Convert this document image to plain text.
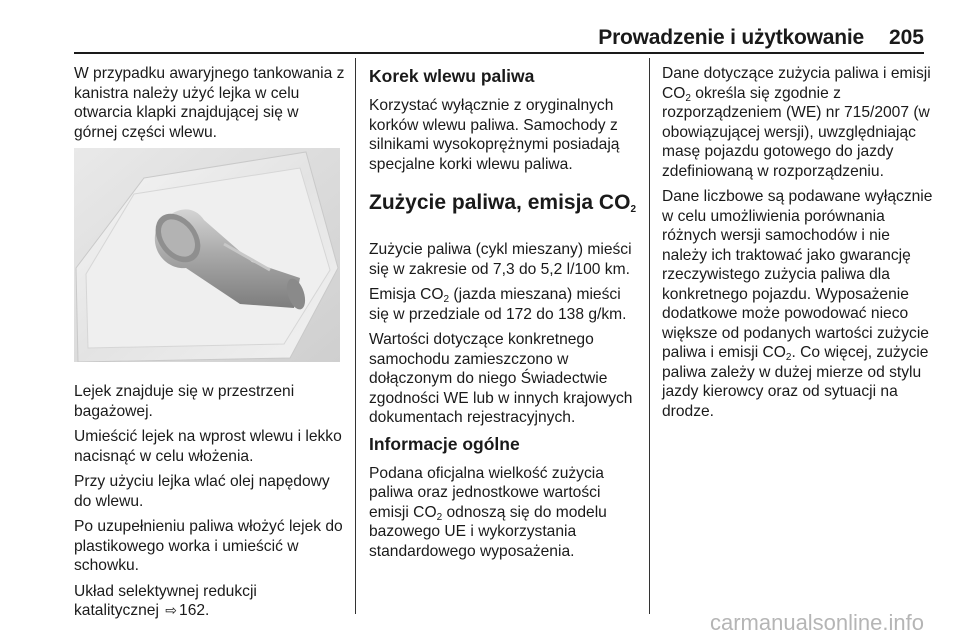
Prowadzenie i użytkowanie 205

W przypadku awaryjnego tankowania z kanistra należy użyć lejka w celu otwarcia klapki znajdującej się w górnej części wlewu.

Lejek znajduje się w przestrzeni bagażowej.

Umieścić lejek na wprost wlewu i lekko nacisnąć w celu włożenia.

Przy użyciu lejka wlać olej napędowy do wlewu.

Po uzupełnieniu paliwa włożyć lejek do plastikowego worka i umieścić w schowku.

Układ selektywnej redukcji katalitycznej ⇨ 162.

Korek wlewu paliwa

Korzystać wyłącznie z oryginalnych korków wlewu paliwa. Samochody z silnikami wysokoprężnymi posiadają specjalne korki wlewu paliwa.

Zużycie paliwa, emisja $CO_2$

Zużycie paliwa (cykl mieszany) mieści się w zakresie od 7,3 do 5,2 l/100 km.

Emisja $CO_2$ (jazda mieszana) mieści się w przedziale od 172 do 138 g/km.

Wartości dotyczące konkretnego samochodu zamieszczono w dołączonym do niego Świadectwie zgodności WE lub w innych krajowych dokumentach rejestracyjnych.

Informacje ogólne

Podana oficjalna wielkość zużycia paliwa oraz jednostkowe wartości emisji $CO_2$ odnoszą się do modelu bazowego UE i wykorzystania standardowego wyposażenia.

Dane dotyczące zużycia paliwa i emisji $CO_2$ określa się zgodnie z rozporządzeniem (WE) nr 715/2007 (w obowiązującej wersji), uwzględniając masę pojazdu gotowego do jazdy zdefiniowaną w rozporządzeniu.

Dane liczbowe są podawane wyłącznie w celu umożliwienia porównania różnych wersji samochodów i nie należy ich traktować jako gwarancję rzeczywistego zużycia paliwa dla konkretnego pojazdu. Wyposażenie dodatkowe może powodować nieco większe od podanych wartości zużycie paliwa i emisji $CO_2$. Co więcej, zużycie paliwa zależy w dużej mierze od stylu jazdy kierowcy oraz od sytuacji na drodze.

carmanualsonline.info
